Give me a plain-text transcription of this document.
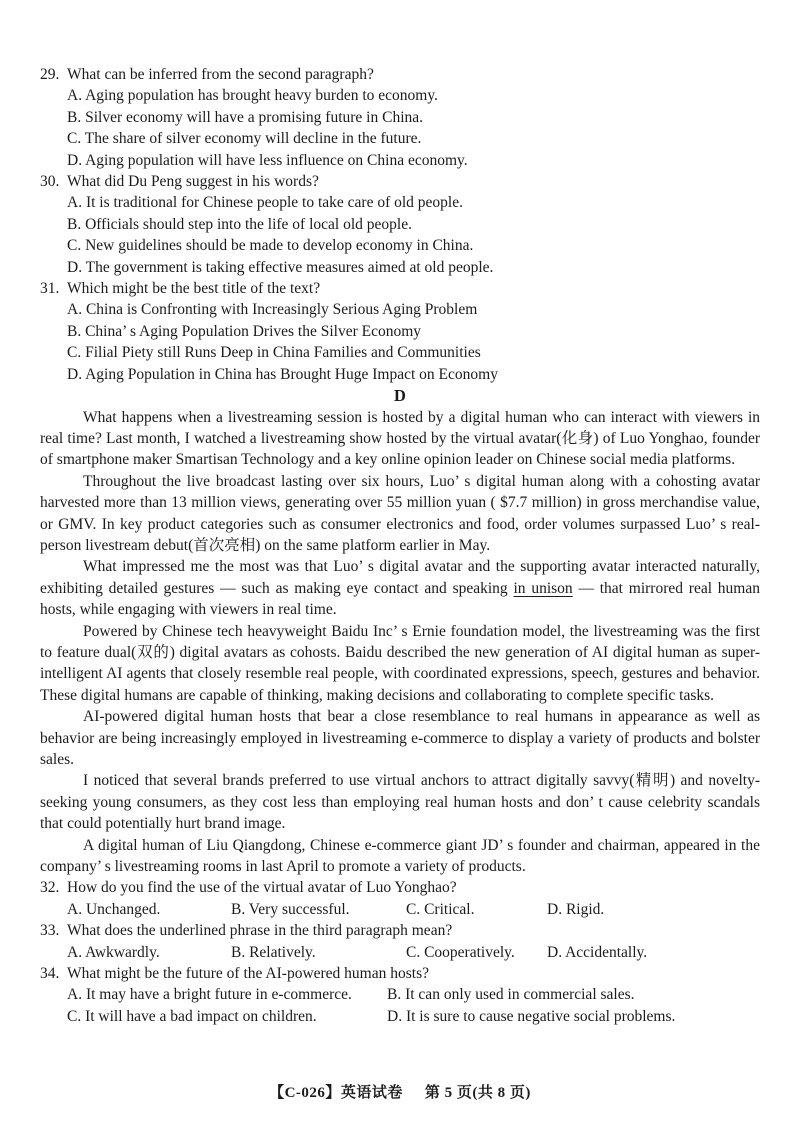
29. What can be inferred from the second paragraph?
A. Aging population has brought heavy burden to economy.
B. Silver economy will have a promising future in China.
C. The share of silver economy will decline in the future.
D. Aging population will have less influence on China economy.
30. What did Du Peng suggest in his words?
A. It is traditional for Chinese people to take care of old people.
B. Officials should step into the life of local old people.
C. New guidelines should be made to develop economy in China.
D. The government is taking effective measures aimed at old people.
31. Which might be the best title of the text?
A. China is Confronting with Increasingly Serious Aging Problem
B. China’ s Aging Population Drives the Silver Economy
C. Filial Piety still Runs Deep in China Families and Communities
D. Aging Population in China has Brought Huge Impact on Economy
D

What happens when a livestreaming session is hosted by a digital human who can interact with viewers in real time? Last month, I watched a livestreaming show hosted by the virtual avatar(化身) of Luo Yonghao, founder of smartphone maker Smartisan Technology and a key online opinion leader on Chinese social media platforms.

Throughout the live broadcast lasting over six hours, Luo’ s digital human along with a cohosting avatar harvested more than 13 million views, generating over 55 million yuan ( $7.7 million) in gross merchandise value, or GMV. In key product categories such as consumer electronics and food, order volumes surpassed Luo’ s real-person livestream debut(首次亮相) on the same platform earlier in May.

What impressed me the most was that Luo’ s digital avatar and the supporting avatar interacted naturally, exhibiting detailed gestures — such as making eye contact and speaking in unison — that mirrored real human hosts, while engaging with viewers in real time.

Powered by Chinese tech heavyweight Baidu Inc’ s Ernie foundation model, the livestreaming was the first to feature dual(双的) digital avatars as cohosts. Baidu described the new generation of AI digital human as super-intelligent AI agents that closely resemble real people, with coordinated expressions, speech, gestures and behavior. These digital humans are capable of thinking, making decisions and collaborating to complete specific tasks.

AI-powered digital human hosts that bear a close resemblance to real humans in appearance as well as behavior are being increasingly employed in livestreaming e-commerce to display a variety of products and bolster sales.

I noticed that several brands preferred to use virtual anchors to attract digitally savvy(精明) and novelty-seeking young consumers, as they cost less than employing real human hosts and don’ t cause celebrity scandals that could potentially hurt brand image.

A digital human of Liu Qiangdong, Chinese e-commerce giant JD’ s founder and chairman, appeared in the company’ s livestreaming rooms in last April to promote a variety of products.

32. How do you find the use of the virtual avatar of Luo Yonghao?
A. Unchanged.	B. Very successful.	C. Critical.	D. Rigid.
33. What does the underlined phrase in the third paragraph mean?
A. Awkwardly.	B. Relatively.	C. Cooperatively.	D. Accidentally.
34. What might be the future of the AI-powered human hosts?
A. It may have a bright future in e-commerce.	B. It can only used in commercial sales.
C. It will have a bad impact on children.	D. It is sure to cause negative social problems.
【C-026】英语试卷 第 5 页(共 8 页)
